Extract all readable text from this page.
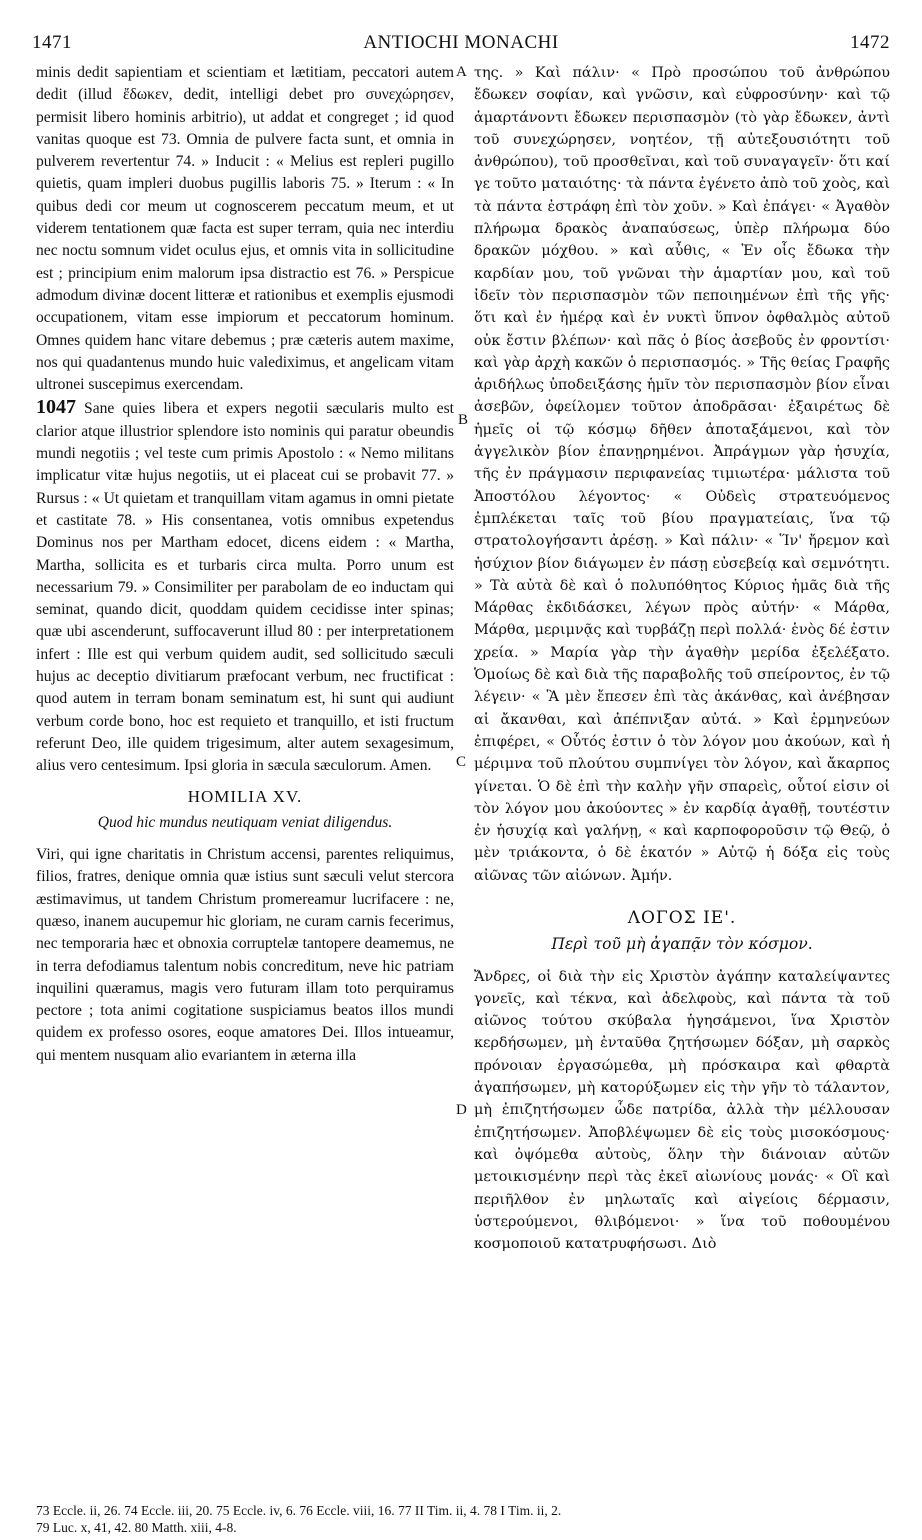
1471	ANTIOCHI MONACHI	1472
A
B
C
D

minis dedit sapientiam et scientiam et lætitiam, peccatori autem dedit (illud ἔδωκεν, dedit, intelligi debet pro συνεχώρησεν, permisit libero hominis arbitrio), ut addat et congreget ; id quod vanitas quoque est 73. Omnia de pulvere facta sunt, et omnia in pulverem revertentur 74. » Inducit : « Melius est repleri pugillo quietis, quam impleri duobus pugillis laboris 75. » Iterum : « In quibus dedi cor meum ut cognoscerem peccatum meum, et ut viderem tentationem quæ facta est super terram, quia nec interdiu nec noctu somnum videt oculus ejus, et omnis vita in sollicitudine est ; principium enim malorum ipsa distractio est 76. » Perspicue admodum divinæ docent litteræ et rationibus et exemplis ejusmodi occupationem, vitam esse impiorum et peccatorum hominum. Omnes quidem hanc vitare debemus ; præ cæteris autem maxime, nos qui quadantenus mundo huic valediximus, et angelicam vitam ultronei suscepimus exercendam.

1047 Sane quies libera et expers negotii sæcularis multo est clarior atque illustrior splendore isto nominis qui paratur obeundis mundi negotiis ; vel teste cum primis Apostolo : « Nemo militans implicatur vitæ hujus negotiis, ut ei placeat cui se probavit 77. » Rursus : « Ut quietam et tranquillam vitam agamus in omni pietate et castitate 78. » His consentanea, votis omnibus expetendus Dominus nos per Martham edocet, dicens eidem : « Martha, Martha, sollicita es et turbaris circa multa. Porro unum est necessarium 79. » Consimiliter per parabolam de eo inductam qui seminat, quando dicit, quoddam quidem cecidisse inter spinas; quæ ubi ascenderunt, suffocaverunt illud 80 : per interpretationem infert : Ille est qui verbum quidem audit, sed sollicitudo sæculi hujus ac deceptio divitiarum præfocant verbum, nec fructificat : quod autem in terram bonam seminatum est, hi sunt qui audiunt verbum corde bono, hoc est requieto et tranquillo, et isti fructum referunt Deo, ille quidem trigesimum, alter autem sexagesimum, alius vero centesimum. Ipsi gloria in sæcula sæculorum. Amen.

HOMILIA XV.
Quod hic mundus neutiquam veniat diligendus.

Viri, qui igne charitatis in Christum accensi, parentes reliquimus, filios, fratres, denique omnia quæ istius sunt sæculi velut stercora æstimavimus, ut tandem Christum promereamur lucrifacere : ne, quæso, inanem aucupemur hic gloriam, ne curam carnis fecerimus, nec temporaria hæc et obnoxia corruptelæ tantopere deamemus, ne in terra defodiamus talentum nobis concreditum, neve hic patriam inquilini quæramus, magis vero futuram illam toto perquiramus pectore ; tota animi cogitatione suspiciamus beatos illos mundi quidem ex professo osores, eoque amatores Dei. Illos intueamur, qui mentem nusquam alio evariantem in æterna illa

της. » Καὶ πάλιν· « Πρὸ προσώπου τοῦ ἀνθρώπου ἔδωκεν σοφίαν, καὶ γνῶσιν, καὶ εὐφροσύνην· καὶ τῷ ἁμαρτάνοντι ἔδωκεν περισπασμὸν (τὸ γὰρ ἔδωκεν, ἀντὶ τοῦ συνεχώρησεν, νοητέον, τῇ αὐτεξουσιότητι τοῦ ἀνθρώπου), τοῦ προσθεῖναι, καὶ τοῦ συναγαγεῖν· ὅτι καί γε τοῦτο ματαιότης· τὰ πάντα ἐγένετο ἀπὸ τοῦ χοὸς, καὶ τὰ πάντα ἐστράφη ἐπὶ τὸν χοῦν. » Καὶ ἐπάγει· « Ἀγαθὸν πλήρωμα δρακὸς ἀναπαύσεως, ὑπὲρ πλήρωμα δύο δρακῶν μόχθου. » καὶ αὖθις, « Ἐν οἷς ἔδωκα τὴν καρδίαν μου, τοῦ γνῶναι τὴν ἁμαρτίαν μου, καὶ τοῦ ἰδεῖν τὸν περισπασμὸν τῶν πεποιημένων ἐπὶ τῆς γῆς· ὅτι καὶ ἐν ἡμέρᾳ καὶ ἐν νυκτὶ ὕπνον ὀφθαλμὸς αὐτοῦ οὐκ ἔστιν βλέπων· καὶ πᾶς ὁ βίος ἀσεβοῦς ἐν φροντίσι· καὶ γὰρ ἀρχὴ κακῶν ὁ περισπασμός. » Τῆς θείας Γραφῆς ἀριδήλως ὑποδειξάσης ἡμῖν τὸν περισπασμὸν βίον εἶναι ἀσεβῶν, ὀφείλομεν τοῦτον ἀποδρᾶσαι· ἐξαιρέτως δὲ ἡμεῖς οἱ τῷ κόσμῳ δῆθεν ἀποταξάμενοι, καὶ τὸν ἀγγελικὸν βίον ἐπανῃρημένοι. Ἀπράγμων γὰρ ἡσυχία, τῆς ἐν πράγμασιν περιφανείας τιμιωτέρα· μάλιστα τοῦ Ἀποστόλου λέγοντος· « Οὐδεὶς στρατευόμενος ἐμπλέκεται ταῖς τοῦ βίου πραγματείαις, ἵνα τῷ στρατολογήσαντι ἀρέσῃ. » Καὶ πάλιν· « Ἵν' ἤρεμον καὶ ἡσύχιον βίον διάγωμεν ἐν πάσῃ εὐσεβείᾳ καὶ σεμνότητι. » Τὰ αὐτὰ δὲ καὶ ὁ πολυπόθητος Κύριος ἡμᾶς διὰ τῆς Μάρθας ἐκδιδάσκει, λέγων πρὸς αὐτήν· « Μάρθα, Μάρθα, μεριμνᾷς καὶ τυρβάζῃ περὶ πολλά· ἑνὸς δέ ἐστιν χρεία. » Μαρία γὰρ τὴν ἀγαθὴν μερίδα ἐξελέξατο. Ὁμοίως δὲ καὶ διὰ τῆς παραβολῆς τοῦ σπείροντος, ἐν τῷ λέγειν· « Ἃ μὲν ἔπεσεν ἐπὶ τὰς ἀκάνθας, καὶ ἀνέβησαν αἱ ἄκανθαι, καὶ ἀπέπνιξαν αὐτά. » Καὶ ἑρμηνεύων ἐπιφέρει, « Οὗτός ἐστιν ὁ τὸν λόγον μου ἀκούων, καὶ ἡ μέριμνα τοῦ πλούτου συμπνίγει τὸν λόγον, καὶ ἄκαρπος γίνεται. Ὁ δὲ ἐπὶ τὴν καλὴν γῆν σπαρεὶς, οὗτοί εἰσιν οἱ τὸν λόγον μου ἀκούοντες » ἐν καρδίᾳ ἀγαθῇ, τουτέστιν ἐν ἡσυχίᾳ καὶ γαλήνῃ, « καὶ καρποφοροῦσιν τῷ Θεῷ, ὁ μὲν τριάκοντα, ὁ δὲ ἑκατόν » Αὐτῷ ἡ δόξα εἰς τοὺς αἰῶνας τῶν αἰώνων. Ἀμήν.

ΛΟΓΟΣ ΙΕ'.
Περὶ τοῦ μὴ ἀγαπᾷν τὸν κόσμον.

Ἄνδρες, οἱ διὰ τὴν εἰς Χριστὸν ἀγάπην καταλείψαντες γονεῖς, καὶ τέκνα, καὶ ἀδελφοὺς, καὶ πάντα τὰ τοῦ αἰῶνος τούτου σκύβαλα ἡγησάμενοι, ἵνα Χριστὸν κερδήσωμεν, μὴ ἐνταῦθα ζητήσωμεν δόξαν, μὴ σαρκὸς πρόνοιαν ἐργασώμεθα, μὴ πρόσκαιρα καὶ φθαρτὰ ἀγαπήσωμεν, μὴ κατορύξωμεν εἰς τὴν γῆν τὸ τάλαντον, μὴ ἐπιζητήσωμεν ὧδε πατρίδα, ἀλλὰ τὴν μέλλουσαν ἐπιζητήσωμεν. Ἀποβλέψωμεν δὲ εἰς τοὺς μισοκόσμους· καὶ ὀψόμεθα αὐτοὺς, ὅλην τὴν διάνοιαν αὐτῶν μετοικισμένην περὶ τὰς ἐκεῖ αἰωνίους μονάς· « Οἳ καὶ περιῆλθον ἐν μηλωταῖς καὶ αἰγείοις δέρμασιν, ὑστερούμενοι, θλιβόμενοι· » ἵνα τοῦ ποθουμένου κοσμοποιοῦ κατατρυφήσωσι. Διὸ

73 Eccle. ii, 26. 74 Eccle. iii, 20. 75 Eccle. iv, 6. 76 Eccle. viii, 16. 77 II Tim. ii, 4. 78 I Tim. ii, 2.
79 Luc. x, 41, 42. 80 Matth. xiii, 4-8.
